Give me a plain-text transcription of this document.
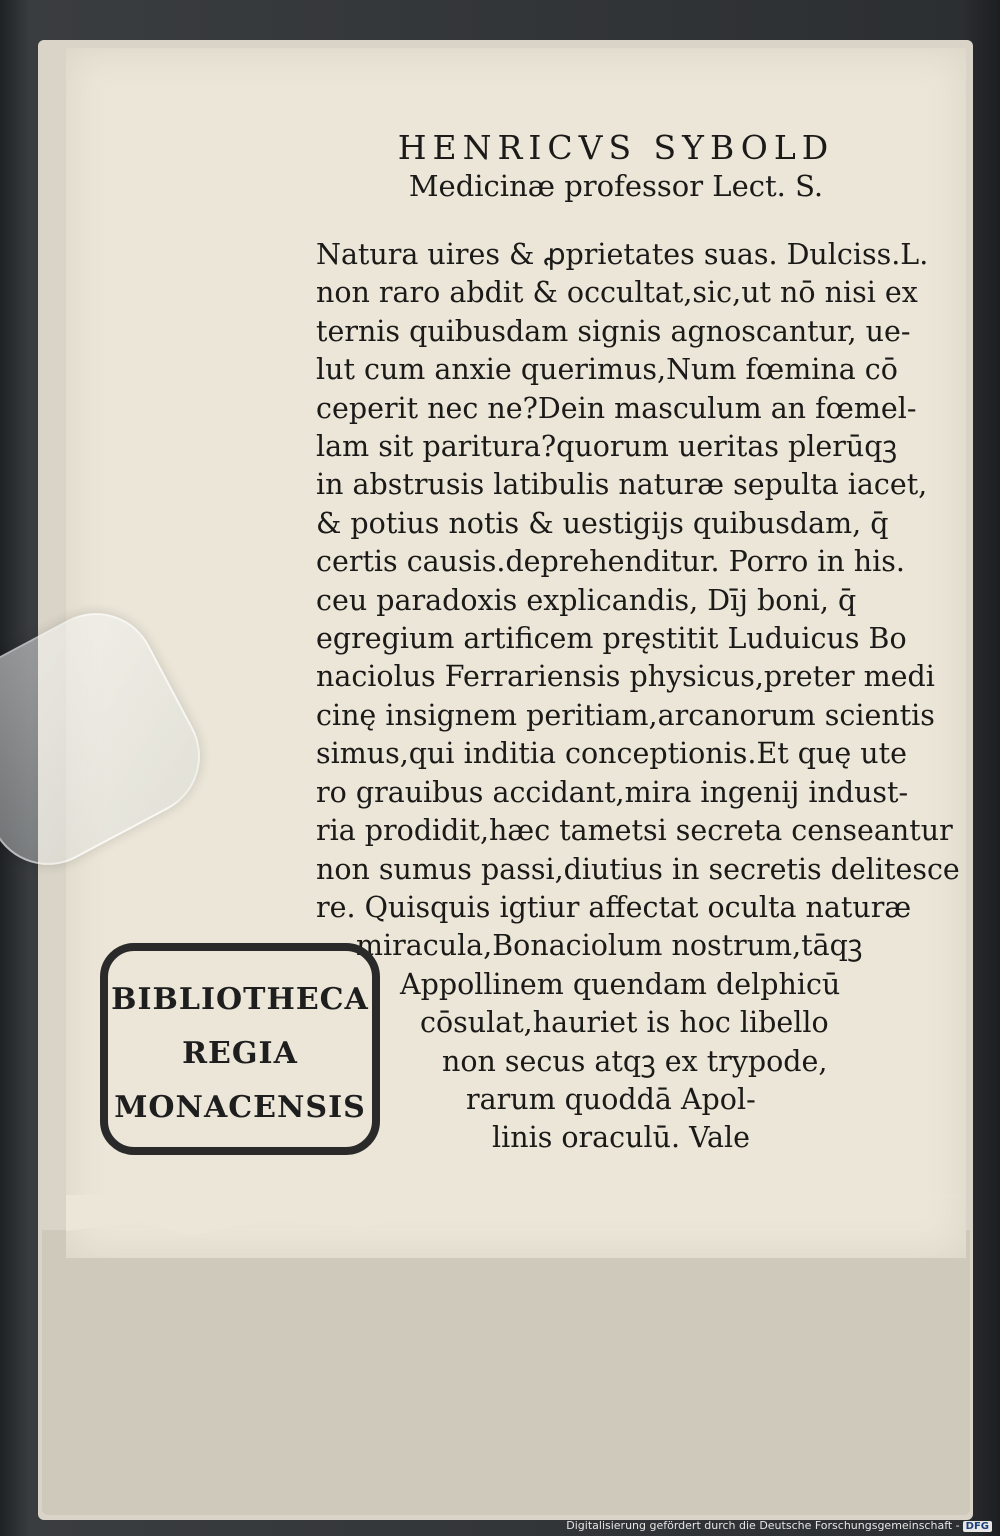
HENRICVS SYBOLD
Medicinæ professor Lect. S.
Natura uires & ꝓprietates suas. Dulciss.L.
non raro abdit & occultat,sic,ut nō nisi ex
ternis quibusdam signis agnoscantur, ue-
lut cum anxie querimus,Num fœmina cō
ceperit nec ne?Dein masculum an fœmel-
lam sit paritura?quorum ueritas plerūqꝫ
in abstrusis latibulis naturæ sepulta iacet,
& potius notis & uestigijs quibusdam, q̄
certis causis.deprehenditur. Porro in his.
ceu paradoxis explicandis, Dīj boni, q̄
egregium artificem pręstitit Luduicus Bo
naciolus Ferrariensis physicus,preter medi
cinę insignem peritiam,arcanorum scientis
simus,qui inditia conceptionis.Et quę ute
ro grauibus accidant,mira ingenij indust-
ria prodidit,hæc tametsi secreta censeantur
non sumus passi,diutius in secretis delitesce
re. Quisquis igtiur affectat oculta naturæ
miracula,Bonaciolum nostrum,tāqꝫ
Appollinem quendam delphicū
cōsulat,hauriet is hoc libello
non secus atqꝫ ex trypode,
rarum quoddā Apol-
linis oraculū. Vale
BIBLIOTHECA
REGIA
MONACENSIS
Digitalisierung gefördert durch die Deutsche Forschungsgemeinschaft - DFG
